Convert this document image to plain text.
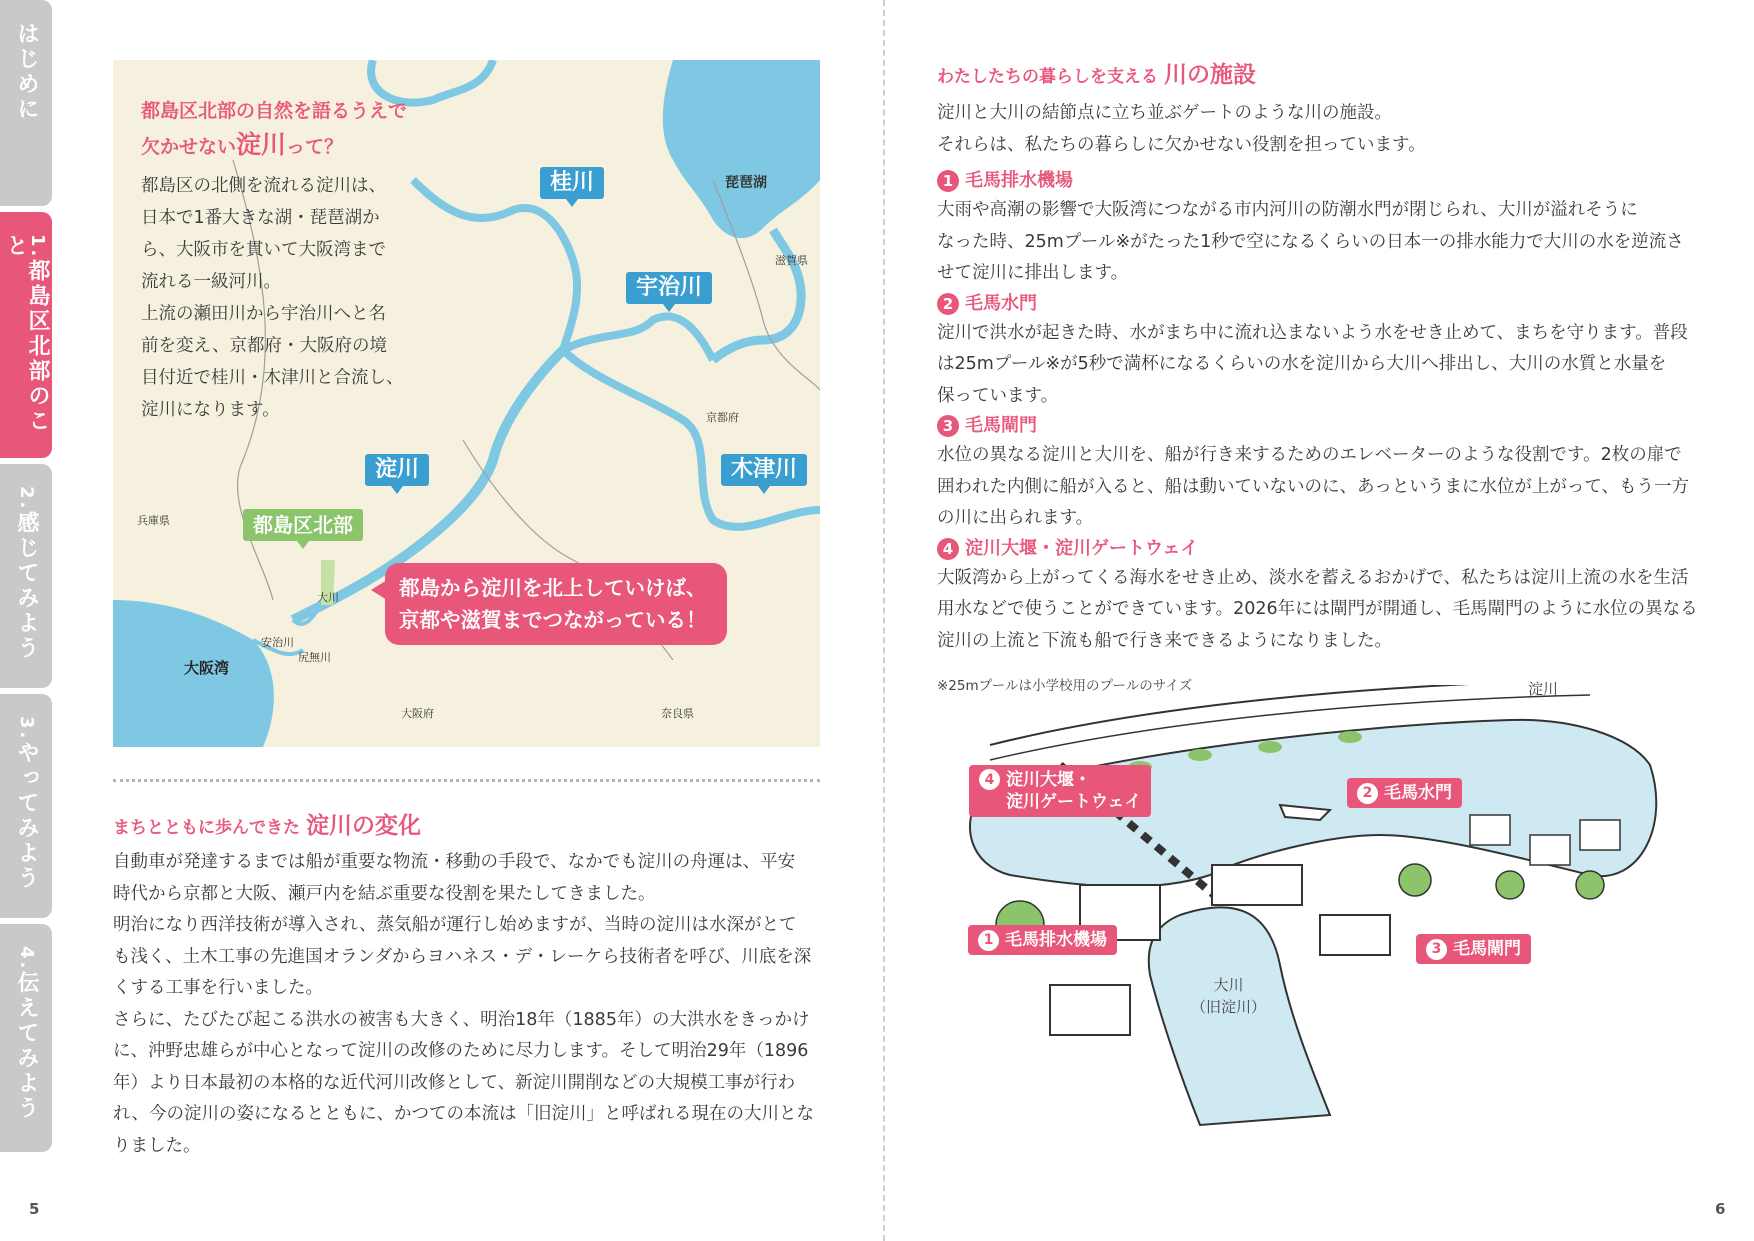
はじめに
1.都島区北部のこと
2.感じてみよう
3.やってみよう
4.伝えてみよう
5	6
都島区北部の自然を語るうえで
欠かせない淀川って？
都島区の北側を流れる淀川は、
日本で1番大きな湖・琵琶湖か
ら、大阪市を貫いて大阪湾まで
流れる一級河川。
上流の瀬田川から宇治川へと名
前を変え、京都府・大阪府の境
目付近で桂川・木津川と合流し、
淀川になります。
桂川
宇治川
淀川	木津川
都島区北部
琵琶湖
滋賀県
京都府
兵庫県
大川
安治川
尻無川
大阪湾
大阪府	奈良県
都島から淀川を北上していけば、
京都や滋賀までつながっている！
まちとともに歩んできた 淀川の変化
自動車が発達するまでは船が重要な物流・移動の手段で、なかでも淀川の舟運は、平安
時代から京都と大阪、瀬戸内を結ぶ重要な役割を果たしてきました。
明治になり西洋技術が導入され、蒸気船が運行し始めますが、当時の淀川は水深がとて
も浅く、土木工事の先進国オランダからヨハネス・デ・レーケら技術者を呼び、川底を深
くする工事を行いました。
さらに、たびたび起こる洪水の被害も大きく、明治18年（1885年）の大洪水をきっかけ
に、沖野忠雄らが中心となって淀川の改修のために尽力します。そして明治29年（1896
年）より日本最初の本格的な近代河川改修として、新淀川開削などの大規模工事が行わ
れ、今の淀川の姿になるとともに、かつての本流は「旧淀川」と呼ばれる現在の大川とな
りました。
わたしたちの暮らしを支える 川の施設
淀川と大川の結節点に立ち並ぶゲートのような川の施設。
それらは、私たちの暮らしに欠かせない役割を担っています。
1 毛馬排水機場
大雨や高潮の影響で大阪湾につながる市内河川の防潮水門が閉じられ、大川が溢れそうに
なった時、25mプール※がたった1秒で空になるくらいの日本一の排水能力で大川の水を逆流さ
せて淀川に排出します。
2 毛馬水門
淀川で洪水が起きた時、水がまち中に流れ込まないよう水をせき止めて、まちを守ります。普段
は25mプール※が5秒で満杯になるくらいの水を淀川から大川へ排出し、大川の水質と水量を
保っています。
3 毛馬閘門
水位の異なる淀川と大川を、船が行き来するためのエレベーターのような役割です。2枚の扉で
囲われた内側に船が入ると、船は動いていないのに、あっというまに水位が上がって、もう一方
の川に出られます。
4 淀川大堰・淀川ゲートウェイ
大阪湾から上がってくる海水をせき止め、淡水を蓄えるおかげで、私たちは淀川上流の水を生活
用水などで使うことができています。2026年には閘門が開通し、毛馬閘門のように水位の異なる
淀川の上流と下流も船で行き来できるようになりました。
※25mプールは小学校用のプールのサイズ	淀川
大川
（旧淀川）
4 淀川大堰・
淀川ゲートウェイ	2 毛馬水門
1 毛馬排水機場	3 毛馬閘門
